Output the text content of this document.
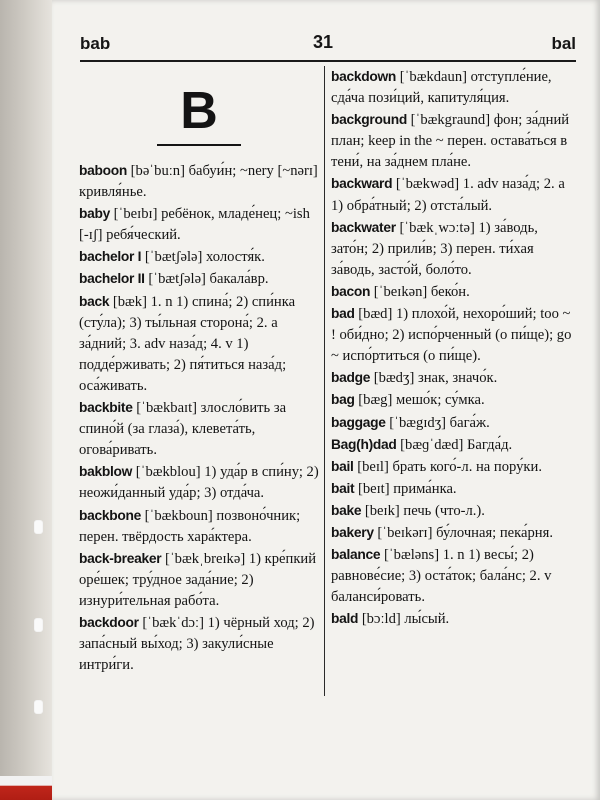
bab	31	bal
B

baboon [bəˈbuːn] бабуи́н; ~nery [~nərɪ] кривля́нье.

baby [ˈbeɪbɪ] ребёнок, младе́нец; ~ish [-ɪʃ] ребя́ческий.

bachelor I [ˈbætʃələ] холостя́к.

bachelor II [ˈbætʃələ] бакала́вр.

back [bæk] 1. n 1) спина́; 2) спи́нка (сту́ла); 3) ты́льная сторона́; 2. a за́дний; 3. adv наза́д; 4. v 1) подде́рживать; 2) пя́титься наза́д; оса́живать.

backbite [ˈbækbaɪt] злосло́вить за спино́й (за глаза́), клевета́ть, огова́ривать.

bakblow [ˈbækblou] 1) уда́р в спи́ну; 2) неожи́данный уда́р; 3) отда́ча.

backbone [ˈbækboun] позвоно́чник; перен. твёрдость хара́ктера.

back-breaker [ˈbækˌbreɪkə] 1) кре́пкий оре́шек; тру́дное зада́ние; 2) изнури́тельная рабо́та.

backdoor [ˈbækˈdɔː] 1) чёрный ход; 2) запа́сный вы́ход; 3) закули́сные интри́ги.

backdown [ˈbækdaun] отступле́ние, сда́ча пози́ций, капитуля́ция.

background [ˈbækgraund] фон; за́дний план; keep in the ~ перен. остава́ться в тени́, на за́днем пла́не.

backward [ˈbækwəd] 1. adv наза́д; 2. a 1) обра́тный; 2) отста́лый.

backwater [ˈbækˌwɔːtə] 1) за́водь, зато́н; 2) прили́в; 3) перен. ти́хая за́водь, засто́й, боло́то.

bacon [ˈbeɪkən] беко́н.

bad [bæd] 1) плохо́й, нехоро́ший; too ~ ! оби́дно; 2) испо́рченный (о пи́ще); go ~ испо́ртиться (о пи́ще).

badge [bædʒ] знак, значо́к.

bag [bæg] мешо́к; су́мка.

baggage [ˈbægɪdʒ] бага́ж.

Bag(h)dad [bæɡˈdæd] Багда́д.

bail [beɪl] брать кого́-л. на пору́ки.

bait [beɪt] прима́нка.

bake [beɪk] печь (что-л.).

bakery [ˈbeɪkərɪ] бу́лочная; пека́рня.

balance [ˈbæləns] 1. n 1) весы́; 2) равнове́сие; 3) оста́ток; бала́нс; 2. v баланси́ровать.

bald [bɔːld] лы́сый.
